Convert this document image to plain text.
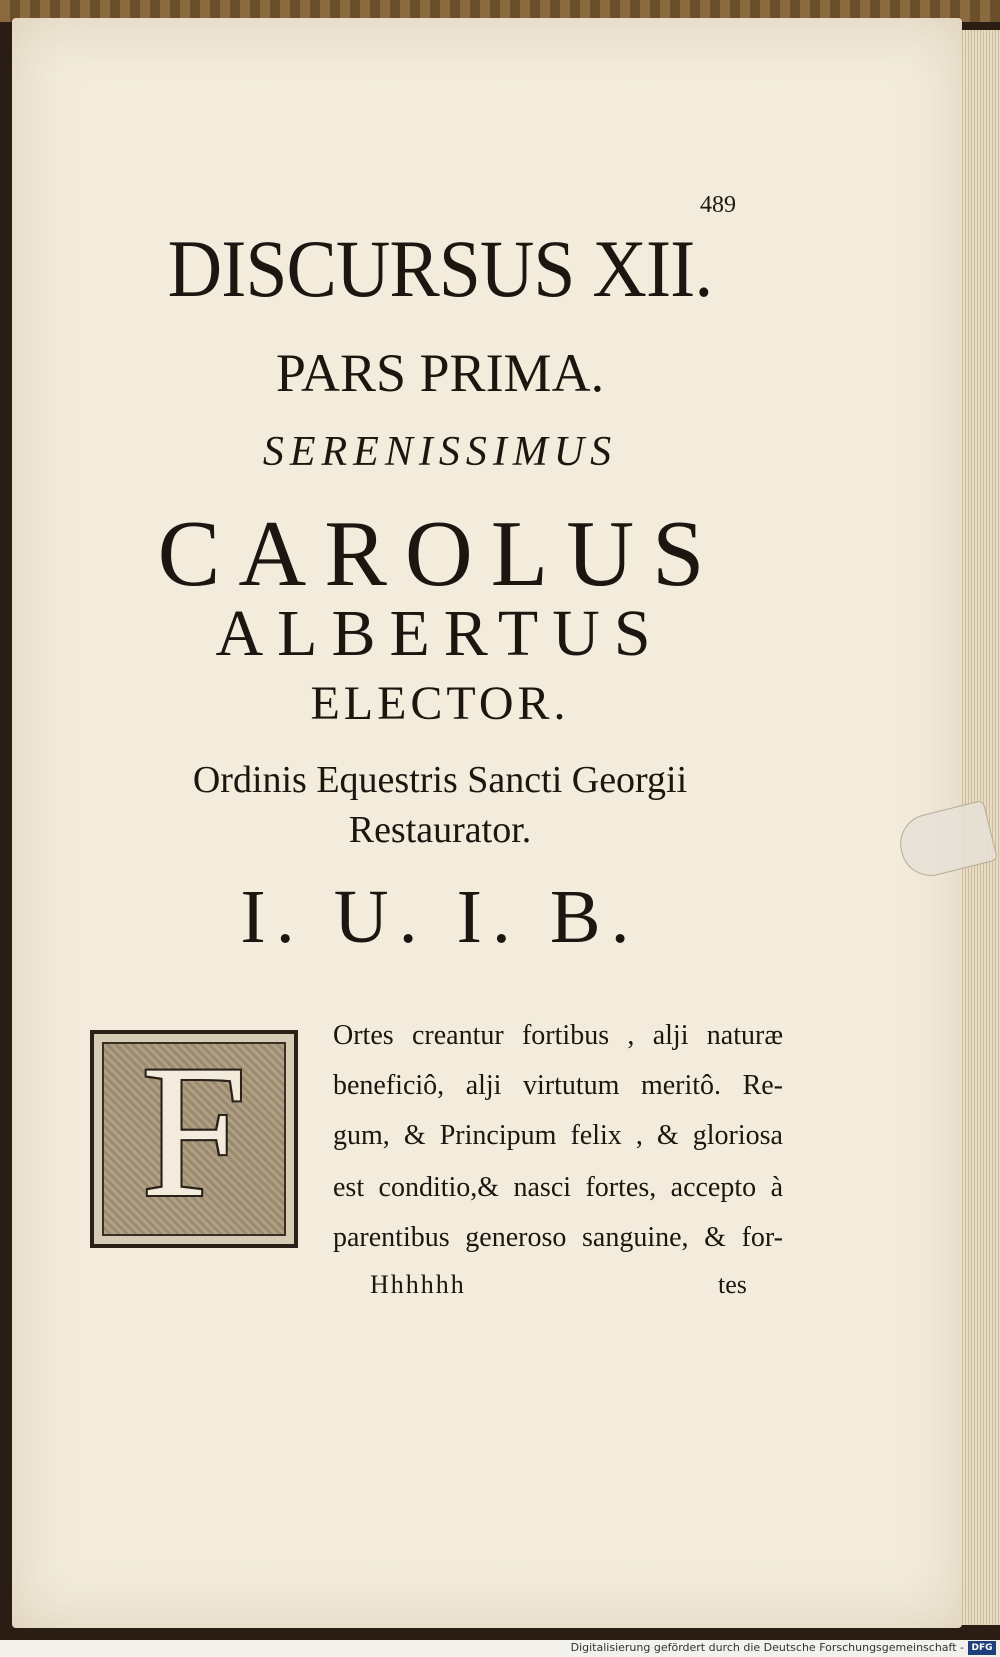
489
DISCURSUS XII.
PARS PRIMA.
SERENISSIMUS
CAROLUS
ALBERTUS
ELECTOR.
Ordinis Equestris Sancti Georgii
Restaurator.
I. U. I. B.
F	Ortes creantur fortibus , alji naturæ
beneficiô, alji virtutum meritô. Re-
gum, & Principum felix , & gloriosa
est conditio,& nasci fortes, accepto à
parentibus generoso sanguine, & for-
Hhhhhh	tes
Digitalisierung gefördert durch die Deutsche Forschungsgemeinschaft - DFG
